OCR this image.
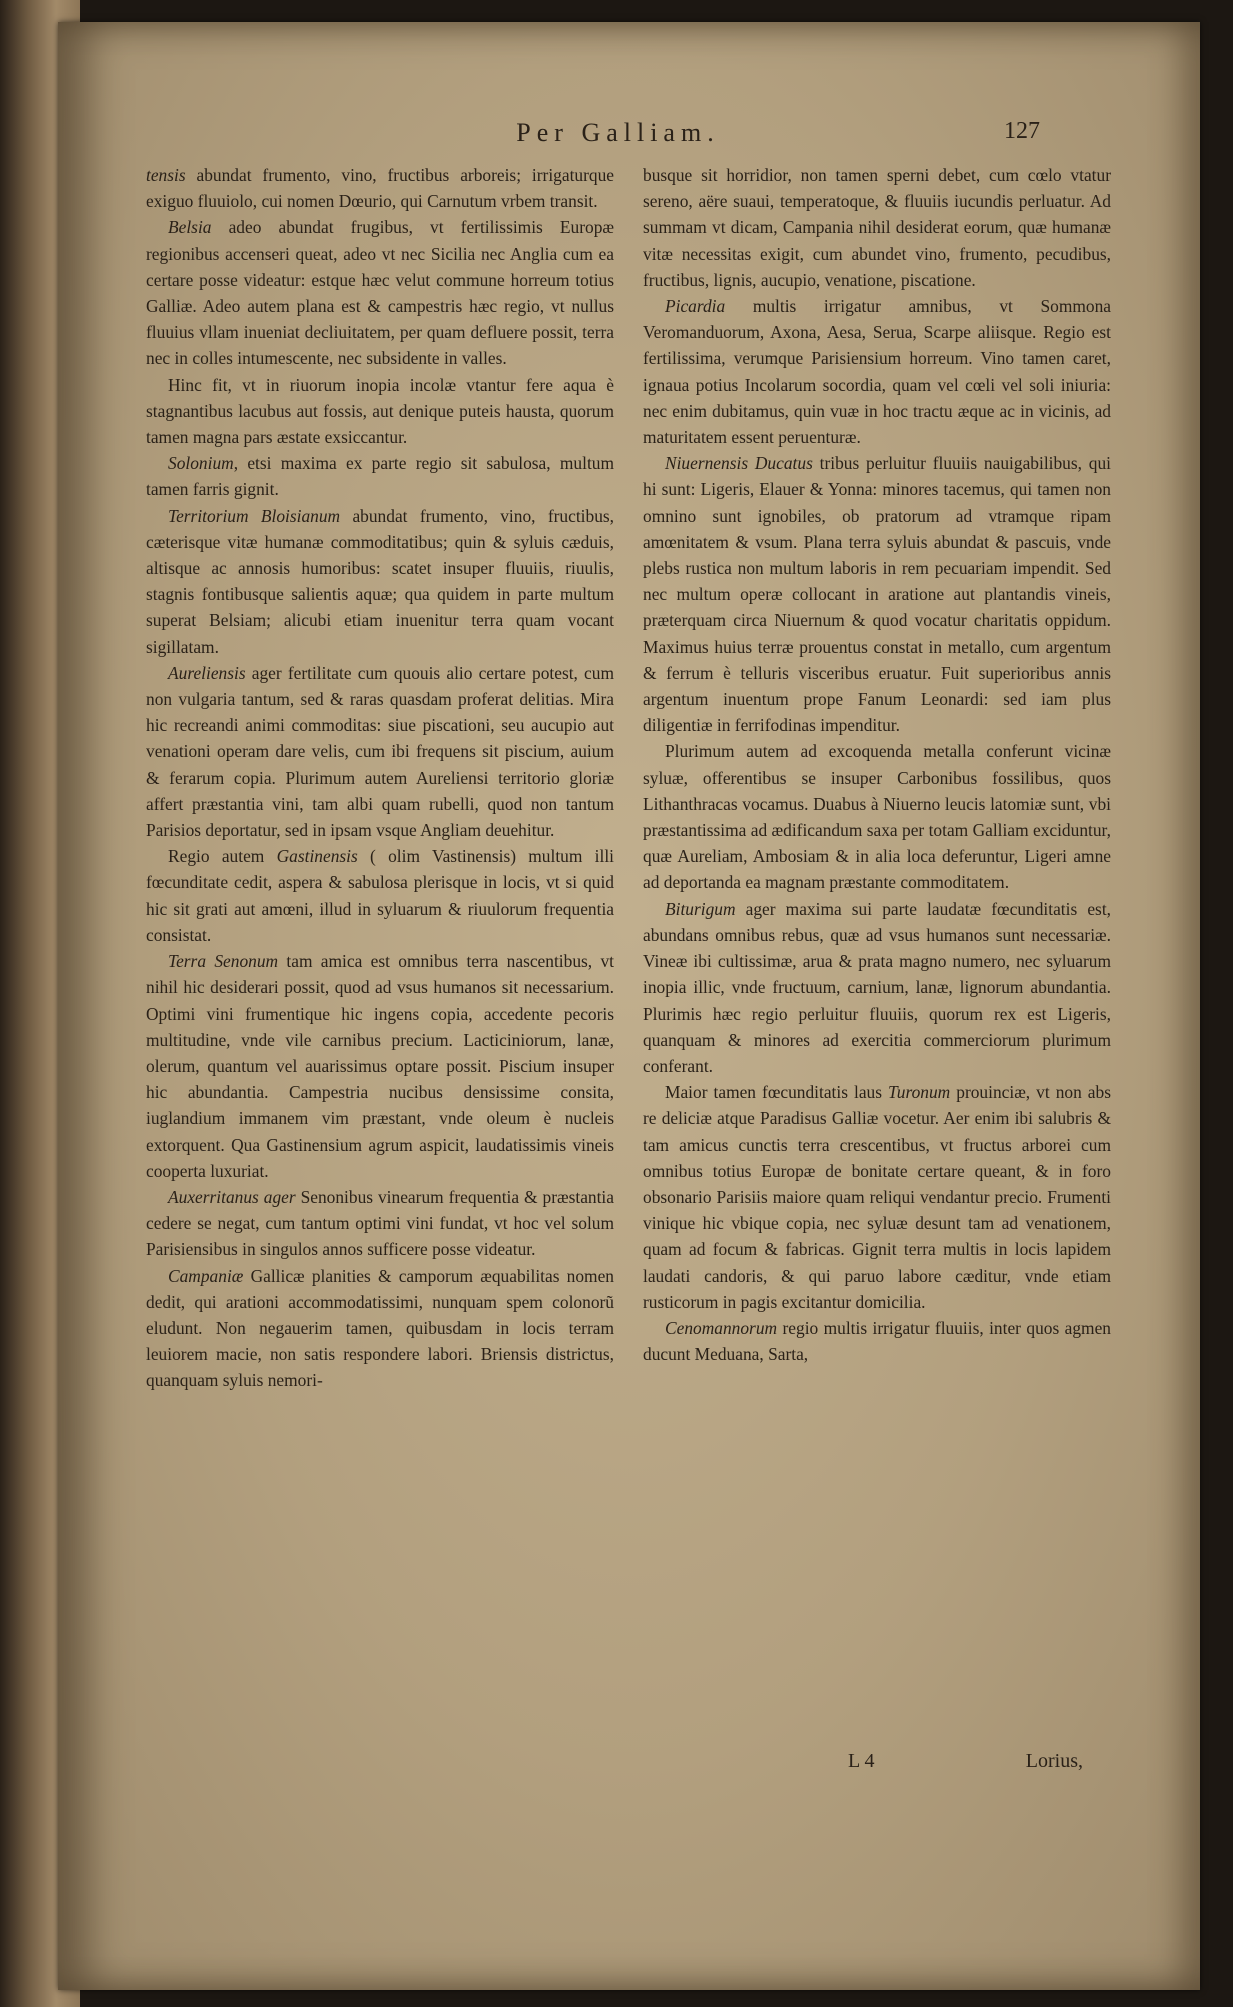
Per Galliam.	127

tensis abundat frumento, vino, fructibus arboreis; irrigaturque exiguo fluuiolo, cui nomen Dœurio, qui Carnutum vrbem transit.

Belsia adeo abundat frugibus, vt fertilissimis Europæ regionibus accenseri queat, adeo vt nec Sicilia nec Anglia cum ea certare posse videatur: estque hæc velut commune horreum totius Galliæ. Adeo autem plana est & campestris hæc regio, vt nullus fluuius vllam inueniat decliuitatem, per quam defluere possit, terra nec in colles intumescente, nec subsidente in valles.

Hinc fit, vt in riuorum inopia incolæ vtantur fere aqua è stagnantibus lacubus aut fossis, aut denique puteis hausta, quorum tamen magna pars æstate exsiccantur.

Solonium, etsi maxima ex parte regio sit sabulosa, multum tamen farris gignit.

Territorium Bloisianum abundat frumento, vino, fructibus, cæterisque vitæ humanæ commoditatibus; quin & syluis cæduis, altisque ac annosis humoribus: scatet insuper fluuiis, riuulis, stagnis fontibusque salientis aquæ; qua quidem in parte multum superat Belsiam; alicubi etiam inuenitur terra quam vocant sigillatam.

Aureliensis ager fertilitate cum quouis alio certare potest, cum non vulgaria tantum, sed & raras quasdam proferat delitias. Mira hic recreandi animi commoditas: siue piscationi, seu aucupio aut venationi operam dare velis, cum ibi frequens sit piscium, auium & ferarum copia. Plurimum autem Aureliensi territorio gloriæ affert præstantia vini, tam albi quam rubelli, quod non tantum Parisios deportatur, sed in ipsam vsque Angliam deuehitur.

Regio autem Gastinensis ( olim Vastinensis) multum illi fœcunditate cedit, aspera & sabulosa plerisque in locis, vt si quid hic sit grati aut amœni, illud in syluarum & riuulorum frequentia consistat.

Terra Senonum tam amica est omnibus terra nascentibus, vt nihil hic desiderari possit, quod ad vsus humanos sit necessarium. Optimi vini frumentique hic ingens copia, accedente pecoris multitudine, vnde vile carnibus precium. Lacticiniorum, lanæ, olerum, quantum vel auarissimus optare possit. Piscium insuper hic abundantia. Campestria nucibus densissime consita, iuglandium immanem vim præstant, vnde oleum è nucleis extorquent. Qua Gastinensium agrum aspicit, laudatissimis vineis cooperta luxuriat.

Auxerritanus ager Senonibus vinearum frequentia & præstantia cedere se negat, cum tantum optimi vini fundat, vt hoc vel solum Parisiensibus in singulos annos sufficere posse videatur.

Campaniæ Gallicæ planities & camporum æquabilitas nomen dedit, qui arationi accommodatissimi, nunquam spem colonorũ eludunt. Non negauerim tamen, quibusdam in locis terram leuiorem macie, non satis respondere labori. Briensis districtus, quanquam syluis nemori-

busque sit horridior, non tamen sperni debet, cum cœlo vtatur sereno, aëre suaui, temperatoque, & fluuiis iucundis perluatur. Ad summam vt dicam, Campania nihil desiderat eorum, quæ humanæ vitæ necessitas exigit, cum abundet vino, frumento, pecudibus, fructibus, lignis, aucupio, venatione, piscatione.

Picardia multis irrigatur amnibus, vt Sommona Veromanduorum, Axona, Aesa, Serua, Scarpe aliisque. Regio est fertilissima, verumque Parisiensium horreum. Vino tamen caret, ignaua potius Incolarum socordia, quam vel cœli vel soli iniuria: nec enim dubitamus, quin vuæ in hoc tractu æque ac in vicinis, ad maturitatem essent peruenturæ.

Niuernensis Ducatus tribus perluitur fluuiis nauigabilibus, qui hi sunt: Ligeris, Elauer & Yonna: minores tacemus, qui tamen non omnino sunt ignobiles, ob pratorum ad vtramque ripam amœnitatem & vsum. Plana terra syluis abundat & pascuis, vnde plebs rustica non multum laboris in rem pecuariam impendit. Sed nec multum operæ collocant in aratione aut plantandis vineis, præterquam circa Niuernum & quod vocatur charitatis oppidum. Maximus huius terræ prouentus constat in metallo, cum argentum & ferrum è telluris visceribus eruatur. Fuit superioribus annis argentum inuentum prope Fanum Leonardi: sed iam plus diligentiæ in ferrifodinas impenditur.

Plurimum autem ad excoquenda metalla conferunt vicinæ syluæ, offerentibus se insuper Carbonibus fossilibus, quos Lithanthracas vocamus. Duabus à Niuerno leucis latomiæ sunt, vbi præstantissima ad ædificandum saxa per totam Galliam exciduntur, quæ Aureliam, Ambosiam & in alia loca deferuntur, Ligeri amne ad deportanda ea magnam præstante commoditatem.

Biturigum ager maxima sui parte laudatæ fœcunditatis est, abundans omnibus rebus, quæ ad vsus humanos sunt necessariæ. Vineæ ibi cultissimæ, arua & prata magno numero, nec syluarum inopia illic, vnde fructuum, carnium, lanæ, lignorum abundantia. Plurimis hæc regio perluitur fluuiis, quorum rex est Ligeris, quanquam & minores ad exercitia commerciorum plurimum conferant.

Maior tamen fœcunditatis laus Turonum prouinciæ, vt non abs re deliciæ atque Paradisus Galliæ vocetur. Aer enim ibi salubris & tam amicus cunctis terra crescentibus, vt fructus arborei cum omnibus totius Europæ de bonitate certare queant, & in foro obsonario Parisiis maiore quam reliqui vendantur precio. Frumenti vinique hic vbique copia, nec syluæ desunt tam ad venationem, quam ad focum & fabricas. Gignit terra multis in locis lapidem laudati candoris, & qui paruo labore cæditur, vnde etiam rusticorum in pagis excitantur domicilia.

Cenomannorum regio multis irrigatur fluuiis, inter quos agmen ducunt Meduana, Sarta,

L 4	Lorius,
